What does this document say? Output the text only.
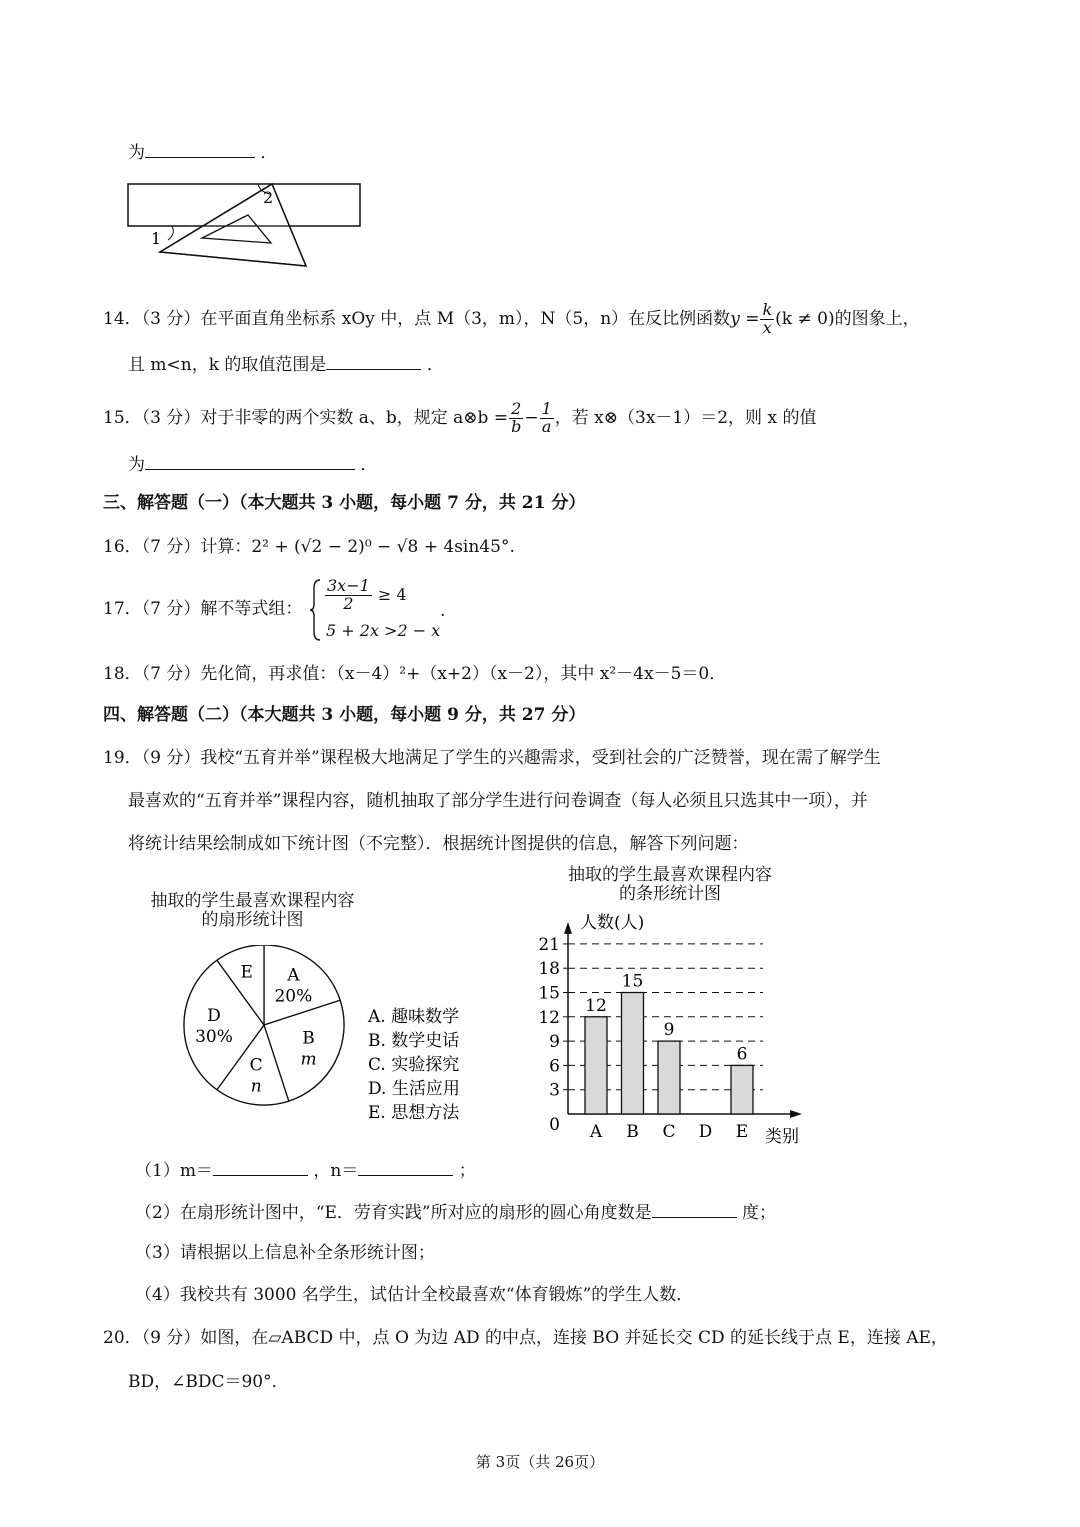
为	．
2
1
14．（3 分）在平面直角坐标系 xOy 中，点 M（3，m），N（5，n）在反比例函数$y = \frac{k}{x} (k \ne 0)$的图象上，
且 m<n，k 的取值范围是	．
15．（3 分）对于非零的两个实数 a、b，规定 a⊗b = $\frac{2}{b} - \frac{1}{a}$ ，若 x⊗（3x－1）＝2，则 x 的值
为	．
三、解答题（一）（本大题共 3 小题，每小题 7 分，共 21 分）
16．（7 分）计算：2² + (√2 − 2)⁰ − √8 + 4sin45°.
17．（7 分）解不等式组： $\frac{3x-1}{2} \ge 4$
5 + 2x >2 − x
.
18．（7 分）先化简，再求值：（x－4）²+（x+2）（x－2），其中 x²－4x－5＝0．
四、解答题（二）（本大题共 3 小题，每小题 9 分，共 27 分）
19．（9 分）我校“五育并举”课程极大地满足了学生的兴趣需求，受到社会的广泛赞誉，现在需了解学生
最喜欢的“五育并举”课程内容，随机抽取了部分学生进行问卷调查（每人必须且只选其中一项），并
将统计结果绘制成如下统计图（不完整）．根据统计图提供的信息，解答下列问题：
抽取的学生最喜欢课程内容
的扇形统计图
A
20%
B
m
C
n
D
30%
E
A. 趣味数学
B. 数学史话
C. 实验探究
D. 生活应用
E. 思想方法
抽取的学生最喜欢课程内容
的条形统计图
0
3
6
9
12
15
18
21
12
A
15
B
9
C D
6
E
人数(人)
类别
（1）m＝	，n＝	；
（2）在扇形统计图中，“E．劳育实践”所对应的扇形的圆心角度数是	度；
（3）请根据以上信息补全条形统计图；
（4）我校共有 3000 名学生，试估计全校最喜欢“体育锻炼”的学生人数．
20．（9 分）如图，在▱ABCD 中，点 O 为边 AD 的中点，连接 BO 并延长交 CD 的延长线于点 E，连接 AE，
BD，∠BDC＝90°．
第 3页（共 26页）
